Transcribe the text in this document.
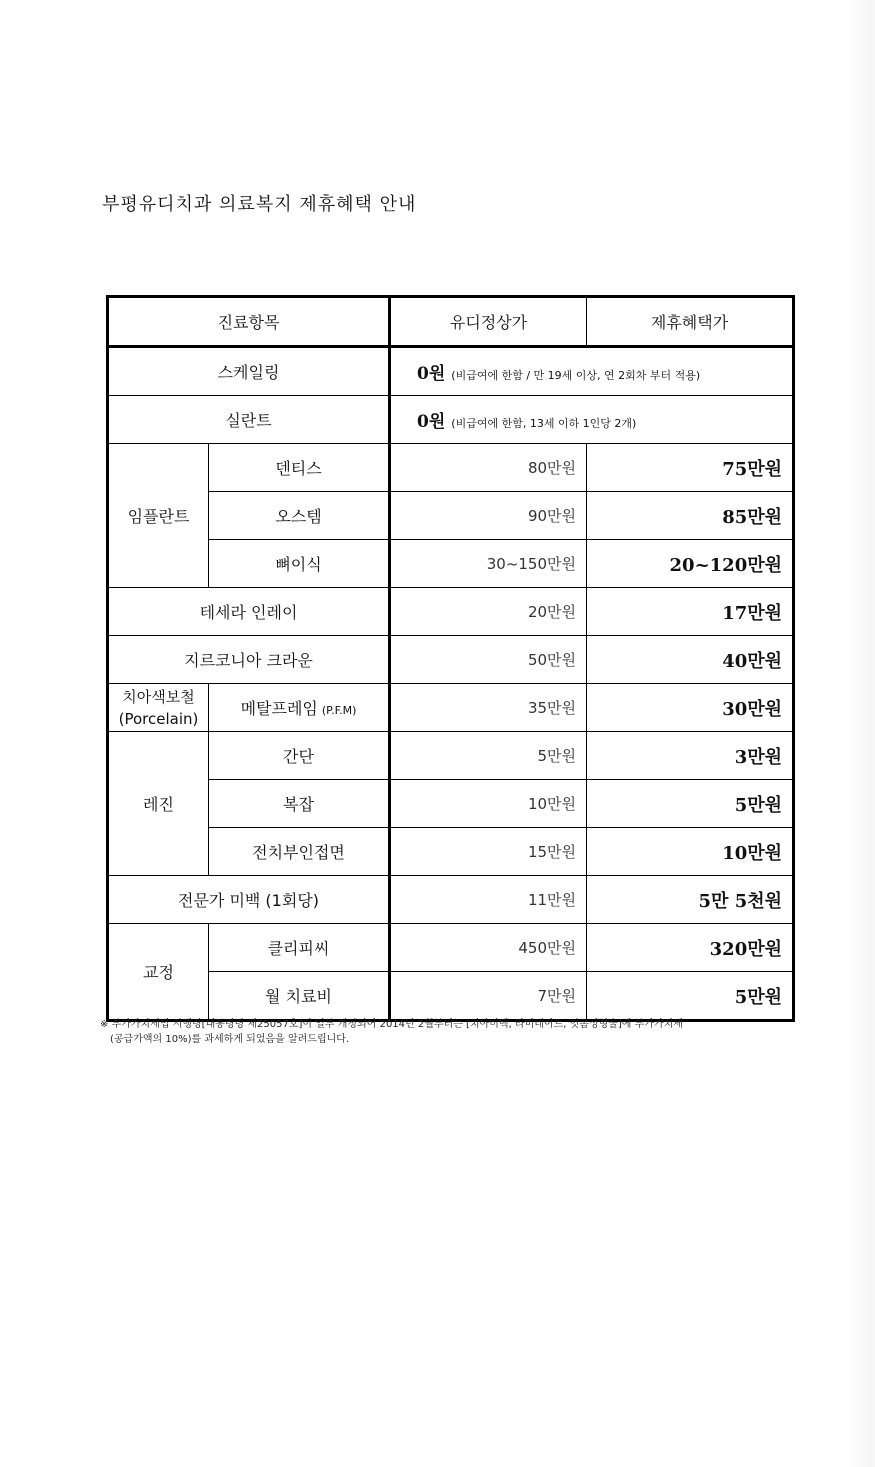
부평유디치과 의료복지 제휴혜택 안내
진료항목		유디정상가	제휴혜택가
스케일링		0원 (비급여에 한함 / 만 19세 이상, 연 2회차 부터 적용)	
실란트		0원 (비급여에 한함, 13세 이하 1인당 2개)	
임플란트	덴티스	80만원	75만원
	오스템	90만원	85만원
	뼈이식	30~150만원	20~120만원
테세라 인레이		20만원	17만원
지르코니아 크라운		50만원	40만원

치아색보철
(Porcelain)	메탈프레임 (P.F.M)	35만원	30만원
레진	간단	5만원	3만원
	복잡	10만원	5만원
	전치부인접면	15만원	10만원
전문가 미백 (1회당)		11만원	5만 5천원
교정	클리피씨	450만원	320만원
	월 치료비	7만원	5만원
※ 부가가치세법 시행령[대통령령 제25057호]이 일부 개정되어 2014년 2월부터는 [치아미백, 라미네이트, 잇몸성형술]에 부가가치세
(공급가액의 10%)를 과세하게 되었음을 알려드립니다.
